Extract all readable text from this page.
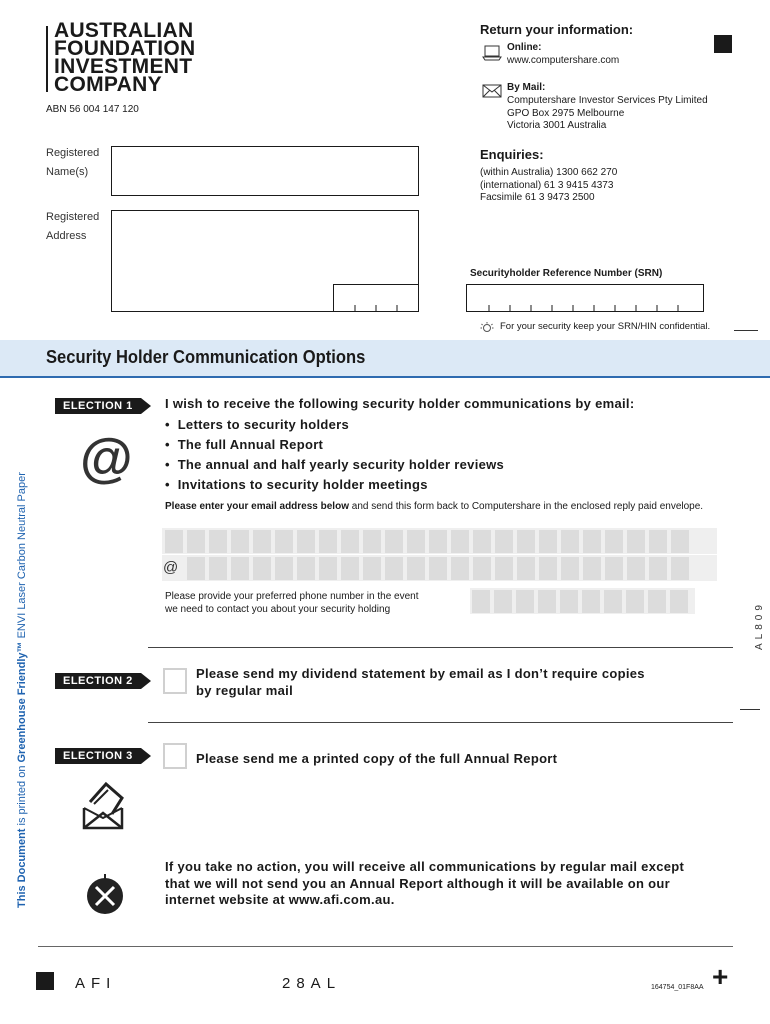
AUSTRALIAN
FOUNDATION
INVESTMENT
COMPANY
ABN 56 004 147 120
Return your information:
Online:
www.computershare.com
By Mail:
Computershare Investor Services Pty Limited
GPO Box 2975 Melbourne
Victoria 3001 Australia
Enquiries:
(within Australia) 1300 662 270
(international) 61 3 9415 4373
Facsimile 61 3 9473 2500
Registered
Name(s)
Registered
Address
Securityholder Reference Number (SRN)
For your security keep your SRN/HIN confidential.
Security Holder Communication Options
ELECTION 1
@
I wish to receive the following security holder communications by email:
•  Letters to security holders
•  The full Annual Report
•  The annual and half yearly security holder reviews
•  Invitations to security holder meetings
Please enter your email address below and send this form back to Computershare in the enclosed reply paid envelope.
@
Please provide your preferred phone number in the event
we need to contact you about your security holding
ELECTION 2	Please send my dividend statement by email as I don’t require copies
by regular mail
ELECTION 3	Please send me a printed copy of the full Annual Report
If you take no action, you will receive all communications by regular mail except
that we will not send you an Annual Report although it will be available on our
internet website at www.afi.com.au.
This Document is printed on Greenhouse Friendly™ ENVI Laser Carbon Neutral Paper	AL809
AFI	28AL	164754_01F8AA +
